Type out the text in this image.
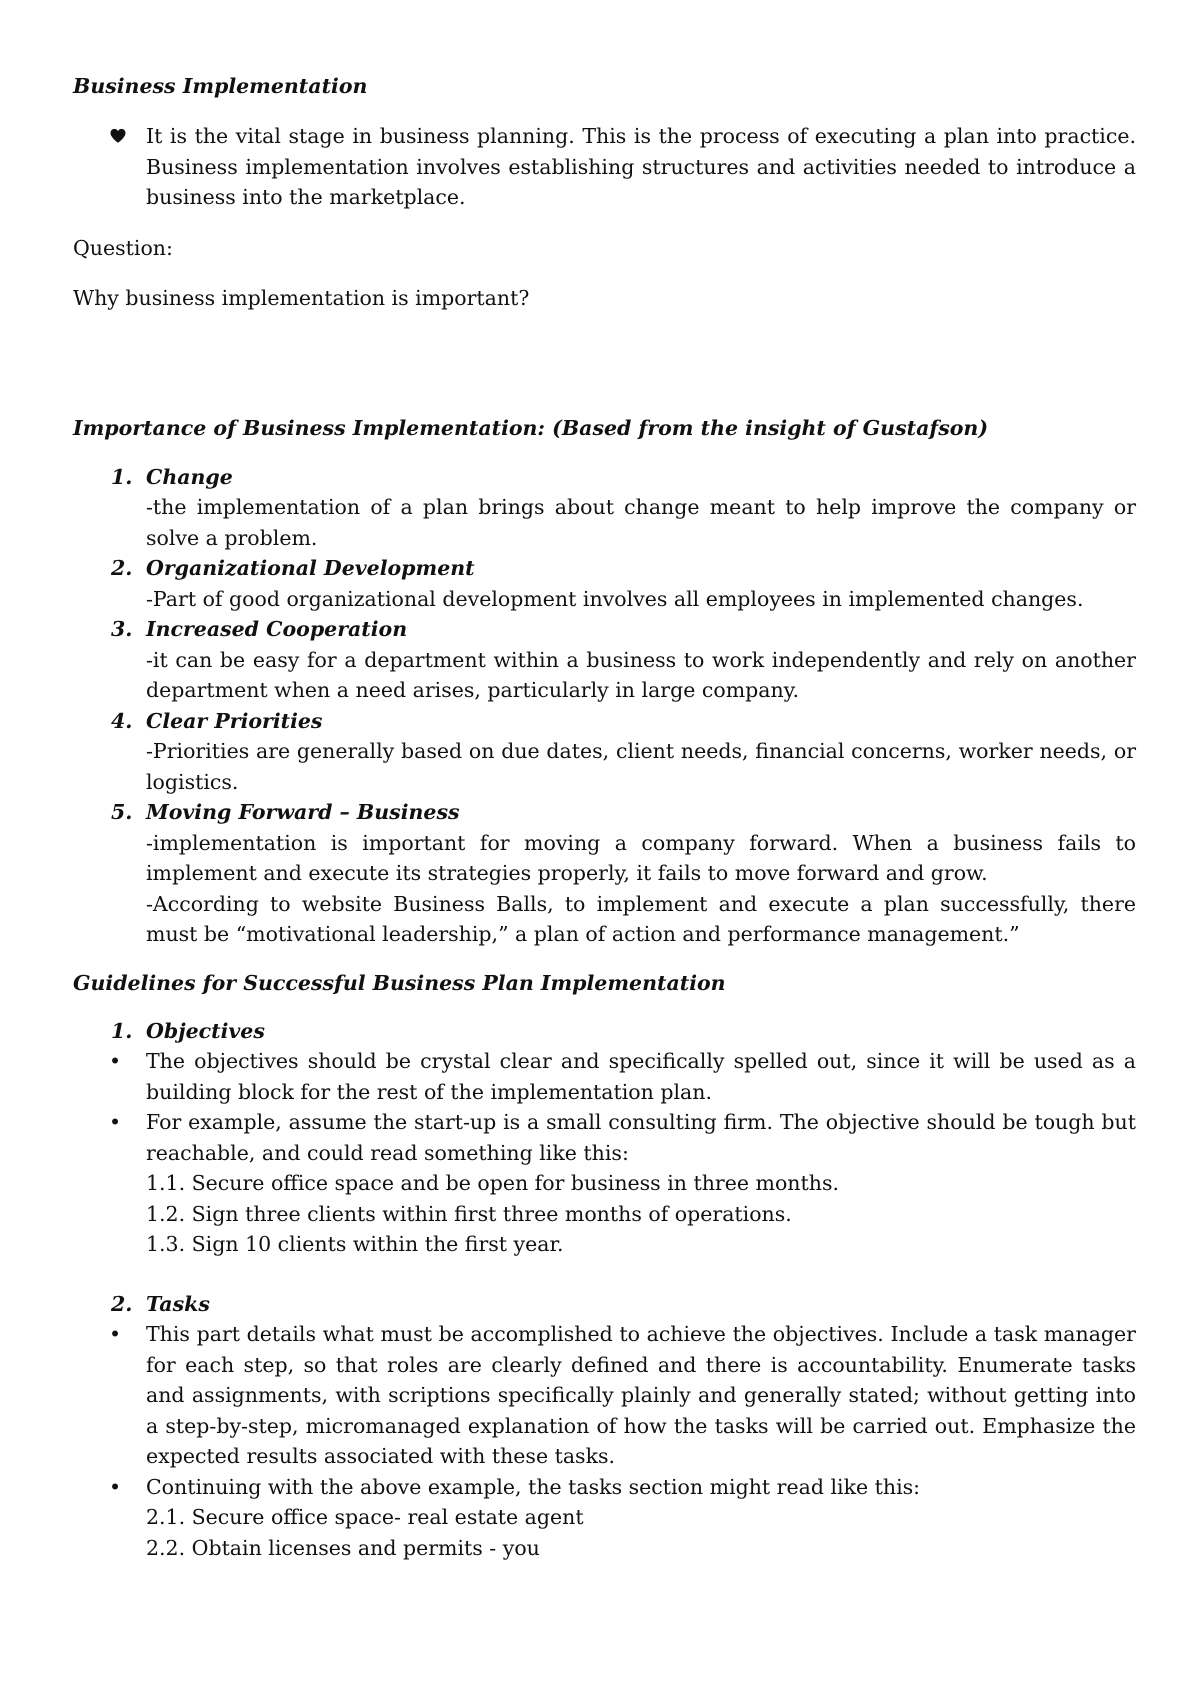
Business Implementation

It is the vital stage in business planning. This is the process of executing a plan into practice. Business implementation involves establishing structures and activities needed to introduce a business into the marketplace.

Question:

Why business implementation is important?

Importance of Business Implementation: (Based from the insight of Gustafson)

1. Change

-the implementation of a plan brings about change meant to help improve the company or solve a problem.

2. Organizational Development

-Part of good organizational development involves all employees in implemented changes.

3. Increased Cooperation

-it can be easy for a department within a business to work independently and rely on another department when a need arises, particularly in large company.

4. Clear Priorities

-Priorities are generally based on due dates, client needs, financial concerns, worker needs, or logistics.

5. Moving Forward – Business

-implementation is important for moving a company forward. When a business fails to implement and execute its strategies properly, it fails to move forward and grow.

-According to website Business Balls, to implement and execute a plan successfully, there must be “motivational leadership,” a plan of action and performance management.”

Guidelines for Successful Business Plan Implementation

1. Objectives
• The objectives should be crystal clear and specifically spelled out, since it will be used as a building block for the rest of the implementation plan.
• For example, assume the start-up is a small consulting firm. The objective should be tough but reachable, and could read something like this:

1.1. Secure office space and be open for business in three months.

1.2. Sign three clients within first three months of operations.

1.3. Sign 10 clients within the first year.

2. Tasks
• This part details what must be accomplished to achieve the objectives. Include a task manager for each step, so that roles are clearly defined and there is accountability. Enumerate tasks and assignments, with scriptions specifically plainly and generally stated; without getting into a step-by-step, micromanaged explanation of how the tasks will be carried out. Emphasize the expected results associated with these tasks.
• Continuing with the above example, the tasks section might read like this:

2.1. Secure office space- real estate agent

2.2. Obtain licenses and permits - you
